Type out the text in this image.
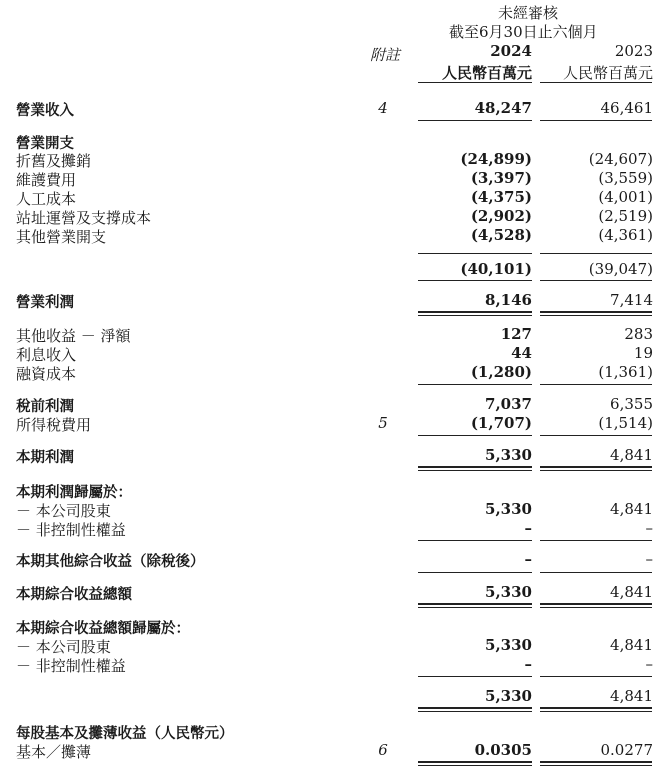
未經審核
截至6月30日止六個月
附註	2024	2023
人民幣百萬元	人民幣百萬元
營業收入	4	48,247	46,461
營業開支
折舊及攤銷	(24,899)	(24,607)
維護費用	(3,397)	(3,559)
人工成本	(4,375)	(4,001)
站址運營及支撐成本	(2,902)	(2,519)
其他營業開支	(4,528)	(4,361)
(40,101)	(39,047)
營業利潤	8,146	7,414
其他收益 － 淨額	127	283
利息收入	44	19
融資成本	(1,280)	(1,361)
稅前利潤	7,037	6,355
所得稅費用	5	(1,707)	(1,514)
本期利潤	5,330	4,841
本期利潤歸屬於：
－ 本公司股東	5,330	4,841
－ 非控制性權益	–	–
本期其他綜合收益（除稅後）	–	–
本期綜合收益總額	5,330	4,841
本期綜合收益總額歸屬於：
－ 本公司股東	5,330	4,841
－ 非控制性權益	–	–
5,330	4,841
每股基本及攤薄收益（人民幣元）
基本／攤薄	6	0.0305	0.0277
